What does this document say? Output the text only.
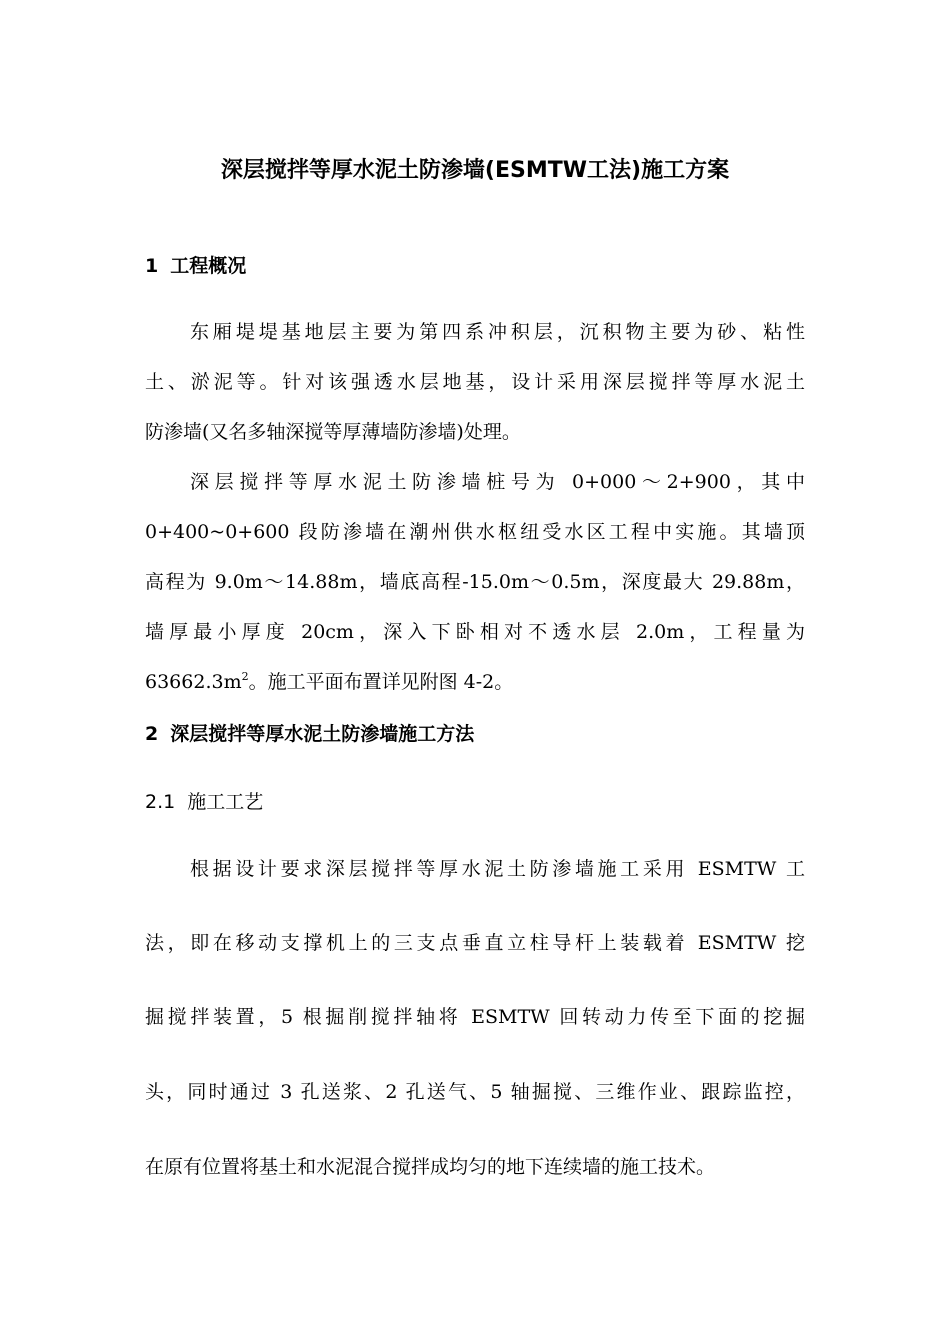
深层搅拌等厚水泥土防渗墙(ESMTW工法)施工方案
1 工程概况
东厢堤堤基地层主要为第四系冲积层，沉积物主要为砂、粘性
土、淤泥等。针对该强透水层地基，设计采用深层搅拌等厚水泥土
防渗墙(又名多轴深搅等厚薄墙防渗墙)处理。
深层搅拌等厚水泥土防渗墙桩号为 0+000～2+900，其中
0+400~0+600 段防渗墙在潮州供水枢纽受水区工程中实施。其墙顶
高程为 9.0m～14.88m，墙底高程-15.0m～0.5m，深度最大 29.88m，
墙厚最小厚度 20cm，深入下卧相对不透水层 2.0m，工程量为
$63662.3m^2$。施工平面布置详见附图 4-2。
2 深层搅拌等厚水泥土防渗墙施工方法
2.1 施工工艺
根据设计要求深层搅拌等厚水泥土防渗墙施工采用 ESMTW 工
法，即在移动支撑机上的三支点垂直立柱导杆上装载着 ESMTW 挖
掘搅拌装置，5 根掘削搅拌轴将 ESMTW 回转动力传至下面的挖掘
头，同时通过 3 孔送浆、2 孔送气、5 轴掘搅、三维作业、跟踪监控，
在原有位置将基土和水泥混合搅拌成均匀的地下连续墙的施工技术。
